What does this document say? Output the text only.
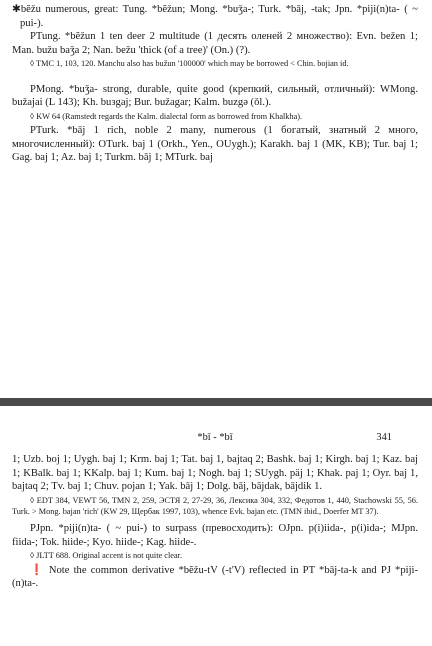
✱bĕžu numerous, great: Tung. *bĕžun; Mong. *buǯa-; Turk. *bāj, -tak; Jpn. *piji(n)ta- ( ~ pui-).

PTung. *bĕžun 1 ten deer 2 multitude (1 десять оленей 2 множество): Evn. bežen 1; Man. bužu baǯa 2; Nan. bežu 'thick (of a tree)' (On.) (?).

◊ TMC 1, 103, 120. Manchu also has bužun '100000' which may be borrowed < Chin. bojian id.

PMong. *buǯa- strong, durable, quite good (крепкий, сильный, отличный): WMong. bužajai (L 143); Kh. buзgaj; Bur. bužagar; Kalm. buzgǝ (ǒl.).

◊ KW 64 (Ramstedt regards the Kalm. dialectal form as borrowed from Khalkha).

PTurk. *bāj 1 rich, noble 2 many, numerous (1 богатый, знатный 2 много, многочисленный): OTurk. baj 1 (Orkh., Yen., OUygh.); Karakh. baj 1 (MK, KB); Tur. baj 1; Gag. baj 1; Az. baj 1; Turkm. bāj 1; MTurk. baj

*bǐ - *bǐ	341

1; Uzb. boj 1; Uygh. baj 1; Krm. baj 1; Tat. baj 1, bajtaq 2; Bashk. baj 1; Kirgh. baj 1; Kaz. baj 1; KBalk. baj 1; KKalp. baj 1; Kum. baj 1; Nogh. baj 1; SUygh. päj 1; Khak. paj 1; Oyr. baj 1, bajtaq 2; Tv. baj 1; Chuv. pojan 1; Yak. bāj 1; Dolg. bāj, bājdak, bājdik 1.

◊ EDT 384, VEWT 56, TMN 2, 259, ЭСТЯ 2, 27-29, 36, Лексика 304, 332, Федотов 1, 440, Stachowski 55, 56. Turk. > Mong. bajan 'rich' (KW 29, Щербак 1997, 103), whence Evk. bajan etc. (TMN ibid., Doerfer MT 37).

PJpn. *piji(n)ta- ( ~ pui-) to surpass (превосходить): OJpn. p(i)iida-, p(i)ida-; MJpn. fiida-; Tok. hiide-; Kyo. hiide-; Kag. hiide-.

◊ JLTT 688. Original accent is not quite clear.

❗ Note the common derivative *bĕžu-tV (-t'V) reflected in PT *bāj-ta-k and PJ *piji-(n)ta-.
